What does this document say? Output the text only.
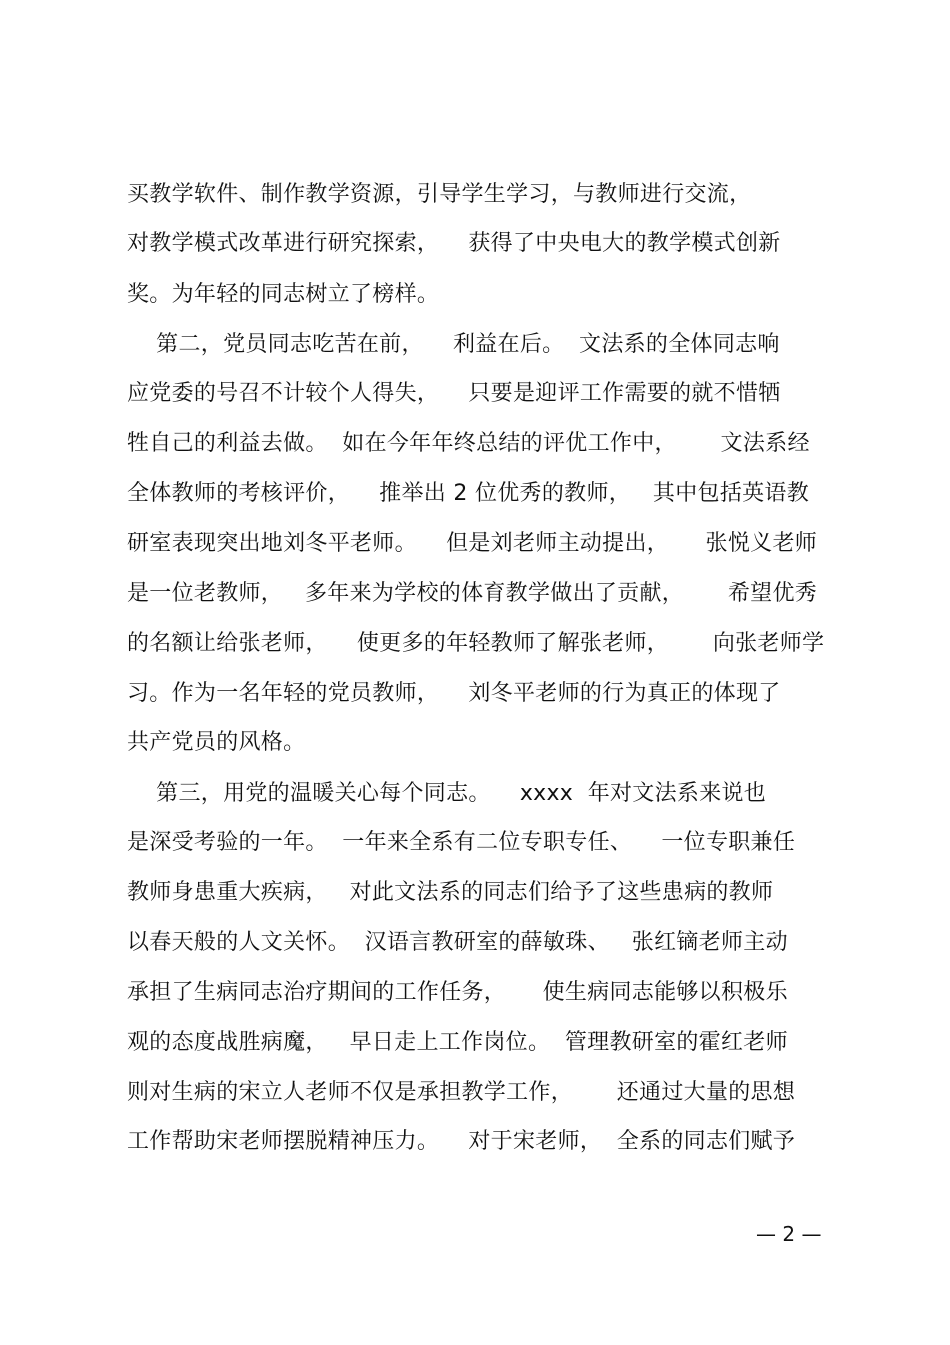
买教学软件、制作教学资源，引导学生学习，与教师进行交流，
对教学模式改革进行研究探索，    获得了中央电大的教学模式创新
奖。为年轻的同志树立了榜样。
第二，党员同志吃苦在前，    利益在后。  文法系的全体同志响
应党委的号召不计较个人得失，    只要是迎评工作需要的就不惜牺
牲自己的利益去做。  如在今年年终总结的评优工作中，      文法系经
全体教师的考核评价，    推举出 2 位优秀的教师，   其中包括英语教
研室表现突出地刘冬平老师。    但是刘老师主动提出，     张悦义老师
是一位老教师，   多年来为学校的体育教学做出了贡献，      希望优秀
的名额让给张老师，    使更多的年轻教师了解张老师，      向张老师学
习。作为一名年轻的党员教师，    刘冬平老师的行为真正的体现了
共产党员的风格。
第三，用党的温暖关心每个同志。    xxxx  年对文法系来说也
是深受考验的一年。  一年来全系有二位专职专任、    一位专职兼任
教师身患重大疾病，   对此文法系的同志们给予了这些患病的教师
以春天般的人文关怀。  汉语言教研室的薛敏珠、   张红镝老师主动
承担了生病同志治疗期间的工作任务，     使生病同志能够以积极乐
观的态度战胜病魔，   早日走上工作岗位。  管理教研室的霍红老师
则对生病的宋立人老师不仅是承担教学工作，      还通过大量的思想
工作帮助宋老师摆脱精神压力。    对于宋老师，  全系的同志们赋予
— 2 —
